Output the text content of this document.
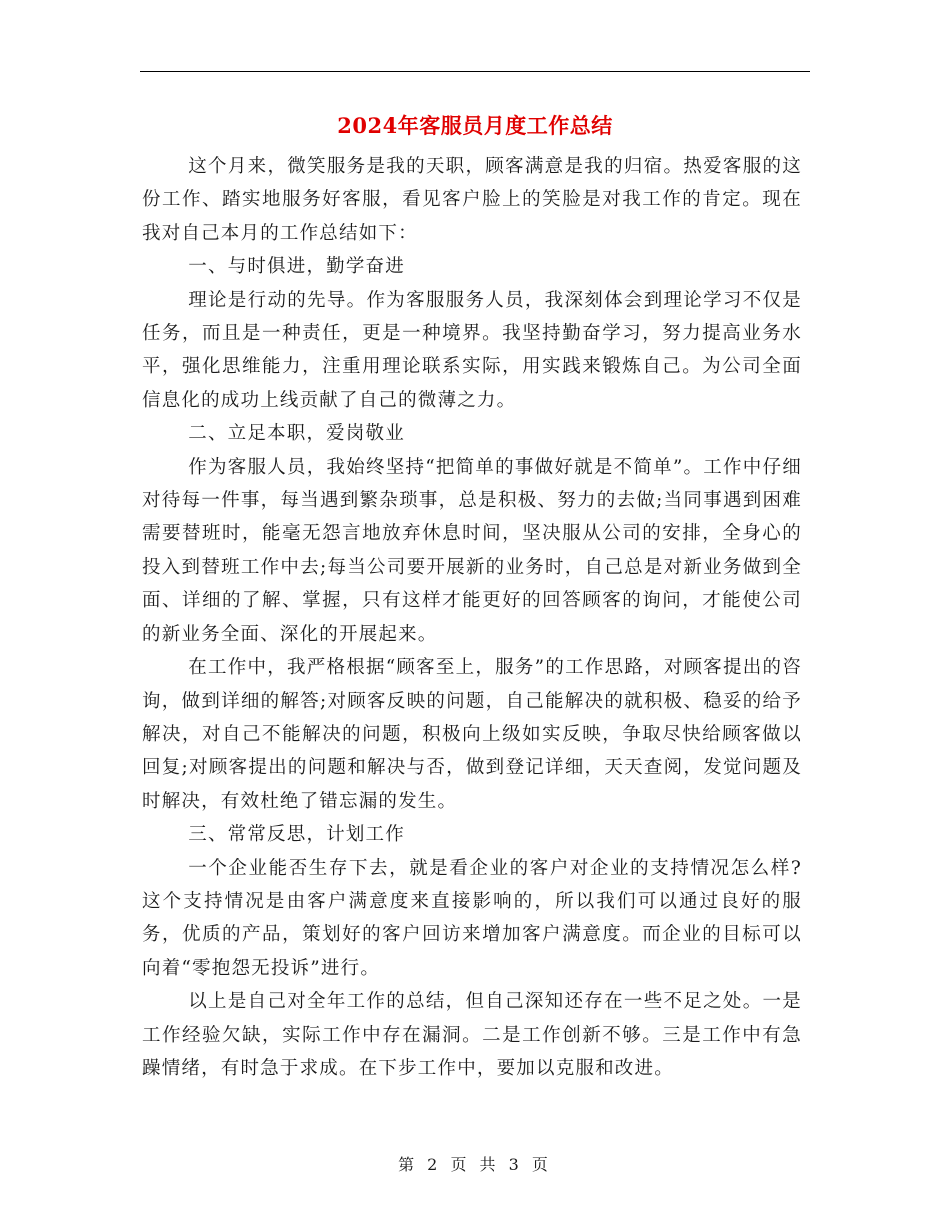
2024年客服员月度工作总结

这个月来，微笑服务是我的天职，顾客满意是我的归宿。热爱客服的这份工作、踏实地服务好客服，看见客户脸上的笑脸是对我工作的肯定。现在我对自己本月的工作总结如下：

一、与时俱进，勤学奋进

理论是行动的先导。作为客服服务人员，我深刻体会到理论学习不仅是任务，而且是一种责任，更是一种境界。我坚持勤奋学习，努力提高业务水平，强化思维能力，注重用理论联系实际，用实践来锻炼自己。为公司全面信息化的成功上线贡献了自己的微薄之力。

二、立足本职，爱岗敬业

作为客服人员，我始终坚持“把简单的事做好就是不简单”。工作中仔细对待每一件事，每当遇到繁杂琐事，总是积极、努力的去做;当同事遇到困难需要替班时，能毫无怨言地放弃休息时间，坚决服从公司的安排，全身心的投入到替班工作中去;每当公司要开展新的业务时，自己总是对新业务做到全面、详细的了解、掌握，只有这样才能更好的回答顾客的询问，才能使公司的新业务全面、深化的开展起来。

在工作中，我严格根据“顾客至上，服务”的工作思路，对顾客提出的咨询，做到详细的解答;对顾客反映的问题，自己能解决的就积极、稳妥的给予解决，对自己不能解决的问题，积极向上级如实反映，争取尽快给顾客做以回复;对顾客提出的问题和解决与否，做到登记详细，天天查阅，发觉问题及时解决，有效杜绝了错忘漏的发生。

三、常常反思，计划工作

一个企业能否生存下去，就是看企业的客户对企业的支持情况怎么样?这个支持情况是由客户满意度来直接影响的，所以我们可以通过良好的服务，优质的产品，策划好的客户回访来增加客户满意度。而企业的目标可以向着“零抱怨无投诉”进行。

以上是自己对全年工作的总结，但自己深知还存在一些不足之处。一是工作经验欠缺，实际工作中存在漏洞。二是工作创新不够。三是工作中有急躁情绪，有时急于求成。在下步工作中，要加以克服和改进。

第 2 页 共 3 页
